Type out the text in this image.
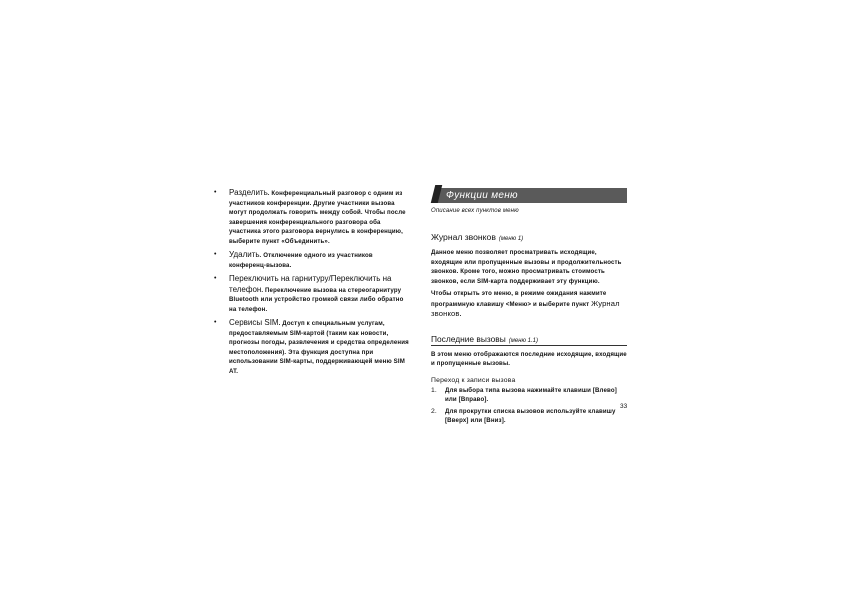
• Разделить. Конференциальный разговор с одним из участников конференции. Другие участники вызова могут продолжать говорить между собой. Чтобы после завершения конференциального разговора оба участника этого разговора вернулись в конференцию, выберите пункт «Объединить».
• Удалить. Отключение одного из участников конференц-вызова.
• Переключить на гарнитуру/Переключить на телефон. Переключение вызова на стереогарнитуру Bluetooth или устройство громкой связи либо обратно на телефон.
• Сервисы SIM. Доступ к специальным услугам, предоставляемым SIM-картой (таким как новости, прогнозы погоды, развлечения и средства определения местоположения). Эта функция доступна при использовании SIM-карты, поддерживающей меню SIM AT.
Функции меню
Описание всех пунктов меню
Журнал звонков (меню 1)
Данное меню позволяет просматривать исходящие, входящие или пропущенные вызовы и продолжительность звонков. Кроме того, можно просматривать стоимость звонков, если SIM-карта поддерживает эту функцию.
Чтобы открыть это меню, в режиме ожидания нажмите программную клавишу <Меню> и выберите пункт Журнал звонков.
Последние вызовы (меню 1.1)
В этом меню отображаются последние исходящие, входящие и пропущенные вызовы.
Переход к записи вызова
1. Для выбора типа вызова нажимайте клавиши [Влево] или [Вправо].
2. Для прокрутки списка вызовов используйте клавишу [Вверх] или [Вниз].
33
